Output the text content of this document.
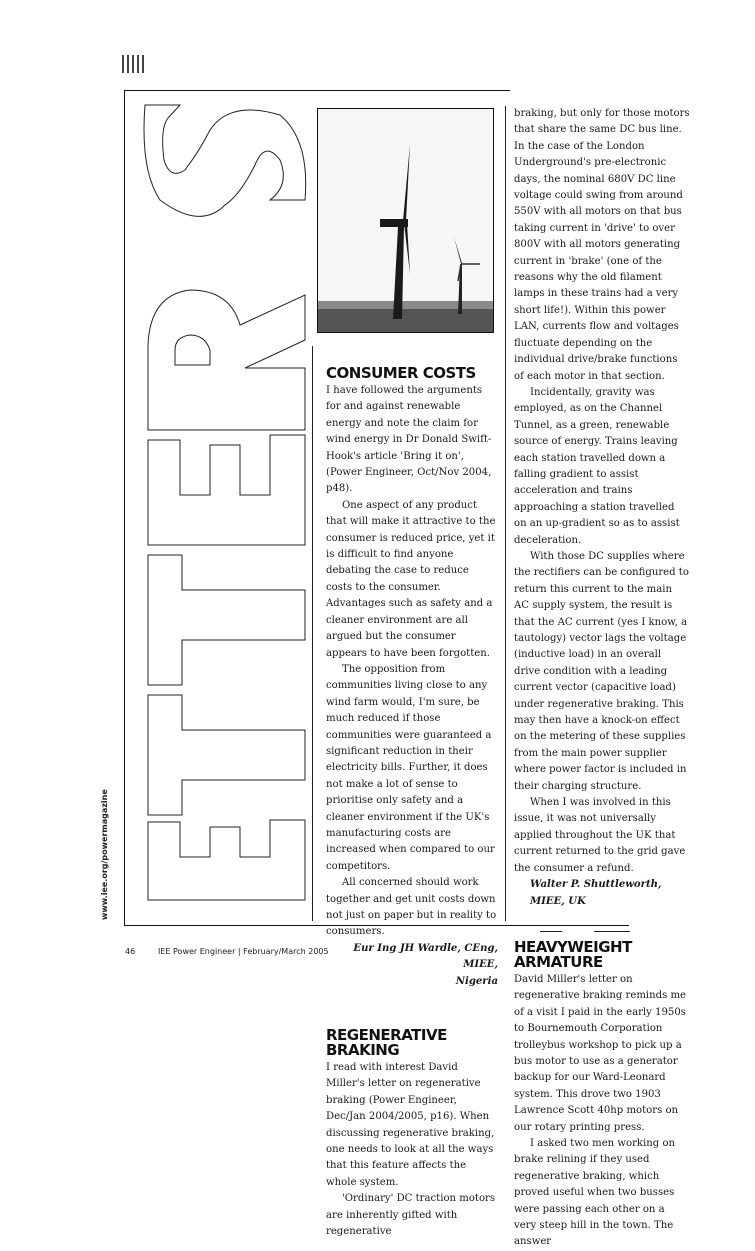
www.iee.org/powermagazine
CONSUMER COSTS

I have followed the arguments for and against renewable energy and note the claim for wind energy in Dr Donald Swift-Hook's article 'Bring it on', (Power Engineer, Oct/Nov 2004, p48).

One aspect of any product that will make it attractive to the consumer is reduced price, yet it is difficult to find anyone debating the case to reduce costs to the consumer. Advantages such as safety and a cleaner environment are all argued but the consumer appears to have been forgotten.

The opposition from communities living close to any wind farm would, I'm sure, be much reduced if those communities were guaranteed a significant reduction in their electricity bills. Further, it does not make a lot of sense to prioritise only safety and a cleaner environment if the UK's manufacturing costs are increased when compared to our competitors.

All concerned should work together and get unit costs down not just on paper but in reality to consumers.

Eur Ing JH Wardle, CEng, MIEE,

Nigeria

REGENERATIVE
BRAKING

I read with interest David Miller's letter on regenerative braking (Power Engineer, Dec/Jan 2004/2005, p16). When discussing regenerative braking, one needs to look at all the ways that this feature affects the whole system.

'Ordinary' DC traction motors are inherently gifted with regenerative

braking, but only for those motors that share the same DC bus line. In the case of the London Underground's pre-electronic days, the nominal 680V DC line voltage could swing from around 550V with all motors on that bus taking current in 'drive' to over 800V with all motors generating current in 'brake' (one of the reasons why the old filament lamps in these trains had a very short life!). Within this power LAN, currents flow and voltages fluctuate depending on the individual drive/brake functions of each motor in that section.

Incidentally, gravity was employed, as on the Channel Tunnel, as a green, renewable source of energy. Trains leaving each station travelled down a falling gradient to assist acceleration and trains approaching a station travelled on an up-gradient so as to assist deceleration.

With those DC supplies where the rectifiers can be configured to return this current to the main AC supply system, the result is that the AC current (yes I know, a tautology) vector lags the voltage (inductive load) in an overall drive condition with a leading current vector (capacitive load) under regenerative braking. This may then have a knock-on effect on the metering of these supplies from the main power supplier where power factor is included in their charging structure.

When I was involved in this issue, it was not universally applied throughout the UK that current returned to the grid gave the consumer a refund.

Walter P. Shuttleworth, MIEE, UK

HEAVYWEIGHT
ARMATURE

David Miller's letter on regenerative braking reminds me of a visit I paid in the early 1950s to Bournemouth Corporation trolleybus workshop to pick up a bus motor to use as a generator backup for our Ward-Leonard system. This drove two 1903 Lawrence Scott 40hp motors on our rotary printing press.

I asked two men working on brake relining if they used regenerative braking, which proved useful when two busses were passing each other on a very steep hill in the town. The answer

46	IEE Power Engineer | February/March 2005
